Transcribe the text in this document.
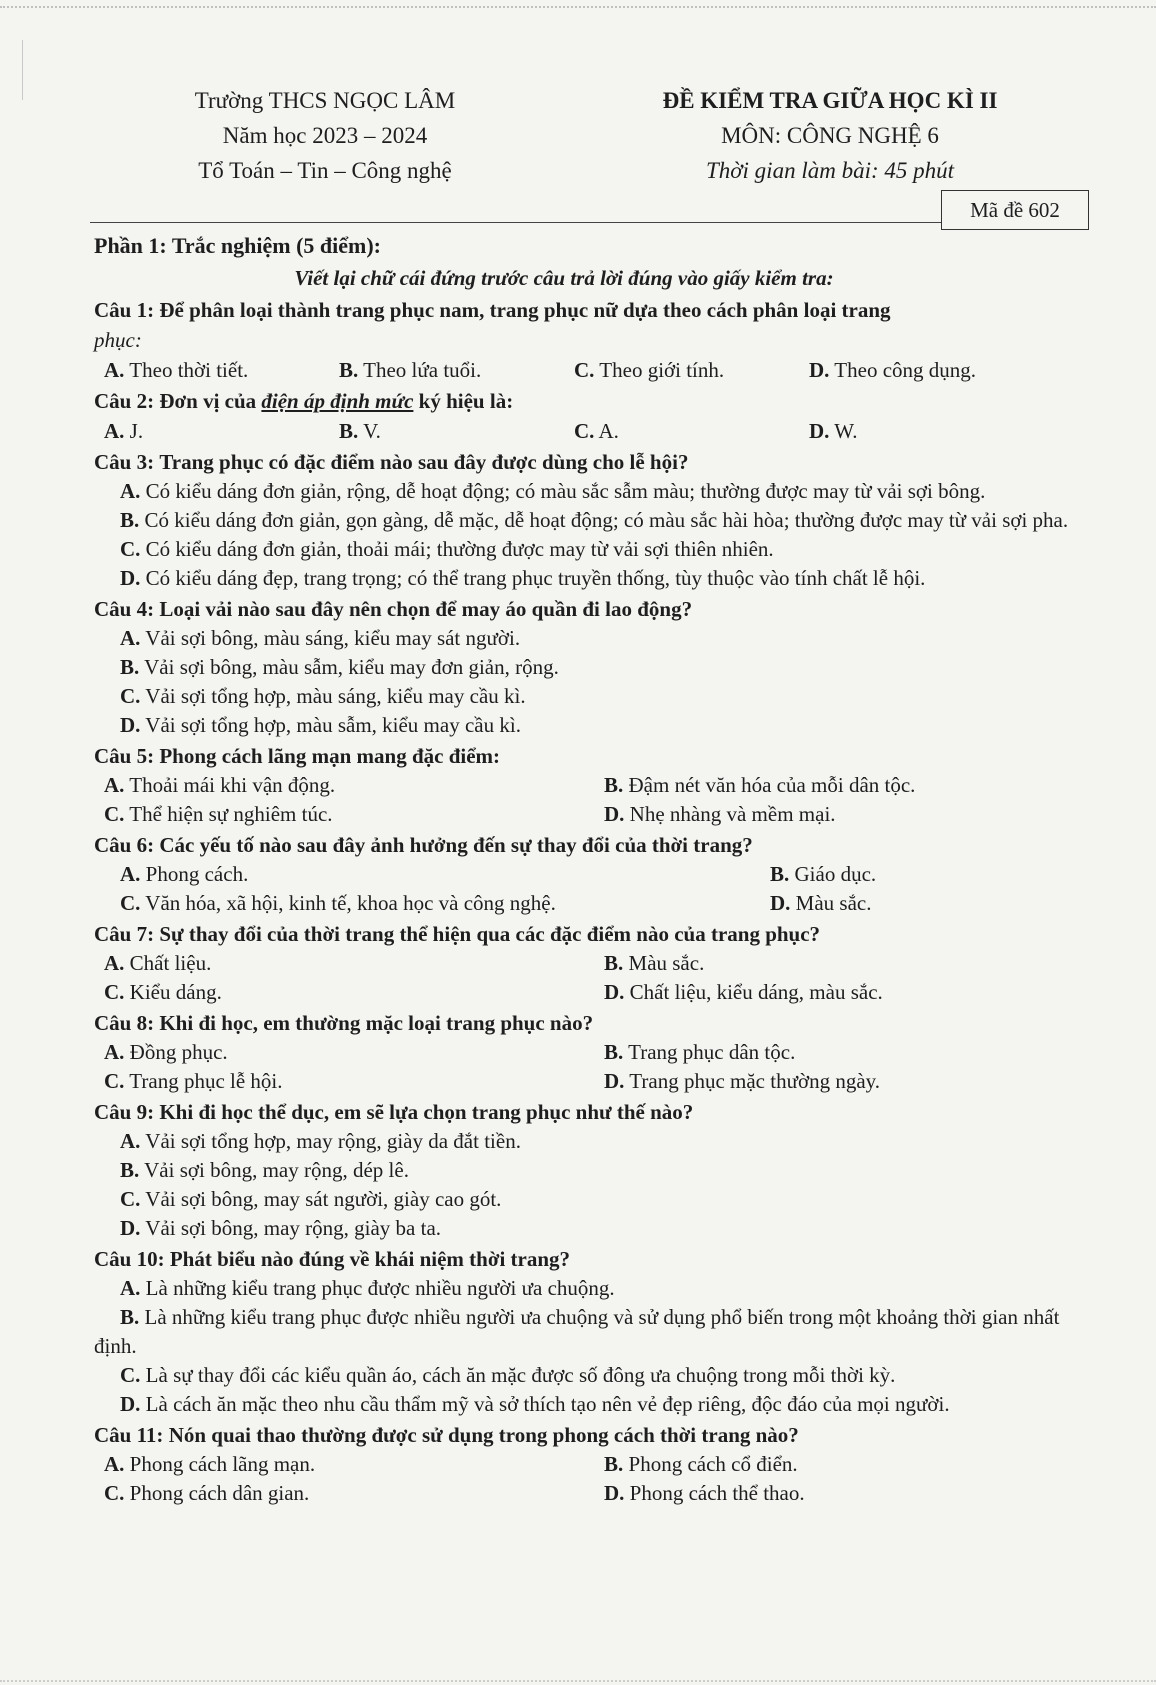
Trường THCS NGỌC LÂM
Năm học 2023 – 2024
Tổ Toán – Tin – Công nghệ
ĐỀ KIỂM TRA GIỮA HỌC KÌ II
MÔN: CÔNG NGHỆ 6
Thời gian làm bài: 45 phút
Mã đề 602
Phần 1: Trắc nghiệm (5 điểm):
Viết lại chữ cái đứng trước câu trả lời đúng vào giấy kiểm tra:
Câu 1: Để phân loại thành trang phục nam, trang phục nữ dựa theo cách phân loại trang
phục:
A. Theo thời tiết.	B. Theo lứa tuổi.	C. Theo giới tính.	D. Theo công dụng.
Câu 2: Đơn vị của điện áp định mức ký hiệu là:
A. J.	B. V.	C. A.	D. W.
Câu 3: Trang phục có đặc điểm nào sau đây được dùng cho lễ hội?
A. Có kiểu dáng đơn giản, rộng, dễ hoạt động; có màu sắc sẫm màu; thường được may từ vải sợi bông.
B. Có kiểu dáng đơn giản, gọn gàng, dễ mặc, dễ hoạt động; có màu sắc hài hòa; thường được may từ vải sợi pha.
C. Có kiểu dáng đơn giản, thoải mái; thường được may từ vải sợi thiên nhiên.
D. Có kiểu dáng đẹp, trang trọng; có thể trang phục truyền thống, tùy thuộc vào tính chất lễ hội.
Câu 4: Loại vải nào sau đây nên chọn để may áo quần đi lao động?
A. Vải sợi bông, màu sáng, kiểu may sát người.
B. Vải sợi bông, màu sẫm, kiểu may đơn giản, rộng.
C. Vải sợi tổng hợp, màu sáng, kiểu may cầu kì.
D. Vải sợi tổng hợp, màu sẫm, kiểu may cầu kì.
Câu 5: Phong cách lãng mạn mang đặc điểm:
A. Thoải mái khi vận động.	B. Đậm nét văn hóa của mỗi dân tộc.
C. Thể hiện sự nghiêm túc.	D. Nhẹ nhàng và mềm mại.
Câu 6: Các yếu tố nào sau đây ảnh hưởng đến sự thay đổi của thời trang?
A. Phong cách.	B. Giáo dục.
C. Văn hóa, xã hội, kinh tế, khoa học và công nghệ.	D. Màu sắc.
Câu 7: Sự thay đổi của thời trang thể hiện qua các đặc điểm nào của trang phục?
A. Chất liệu.	B. Màu sắc.
C. Kiểu dáng.	D. Chất liệu, kiểu dáng, màu sắc.
Câu 8: Khi đi học, em thường mặc loại trang phục nào?
A. Đồng phục.	B. Trang phục dân tộc.
C. Trang phục lễ hội.	D. Trang phục mặc thường ngày.
Câu 9: Khi đi học thể dục, em sẽ lựa chọn trang phục như thế nào?
A. Vải sợi tổng hợp, may rộng, giày da đắt tiền.
B. Vải sợi bông, may rộng, dép lê.
C. Vải sợi bông, may sát người, giày cao gót.
D. Vải sợi bông, may rộng, giày ba ta.
Câu 10: Phát biểu nào đúng về khái niệm thời trang?
A. Là những kiểu trang phục được nhiều người ưa chuộng.
B. Là những kiểu trang phục được nhiều người ưa chuộng và sử dụng phổ biến trong một khoảng thời gian nhất định.
C. Là sự thay đổi các kiểu quần áo, cách ăn mặc được số đông ưa chuộng trong mỗi thời kỳ.
D. Là cách ăn mặc theo nhu cầu thẩm mỹ và sở thích tạo nên vẻ đẹp riêng, độc đáo của mọi người.
Câu 11: Nón quai thao thường được sử dụng trong phong cách thời trang nào?
A. Phong cách lãng mạn.	B. Phong cách cổ điển.
C. Phong cách dân gian.	D. Phong cách thể thao.
